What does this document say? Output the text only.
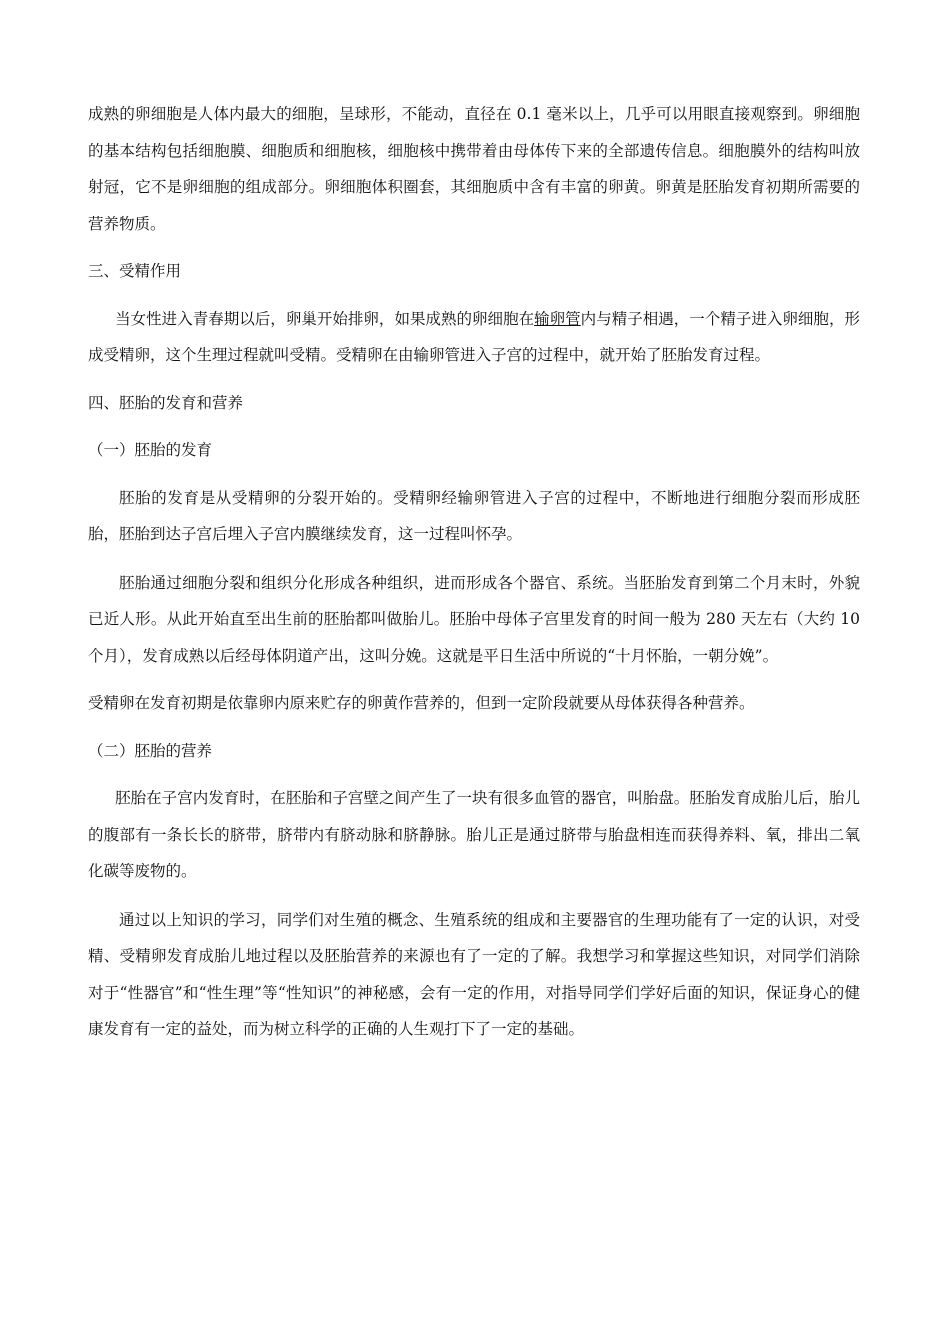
成熟的卵细胞是人体内最大的细胞，呈球形，不能动，直径在 0.1 毫米以上，几乎可以用眼直接观察到。卵细胞的基本结构包括细胞膜、细胞质和细胞核，细胞核中携带着由母体传下来的全部遗传信息。细胞膜外的结构叫放射冠，它不是卵细胞的组成部分。卵细胞体积圈套，其细胞质中含有丰富的卵黄。卵黄是胚胎发育初期所需要的营养物质。

三、受精作用

当女性进入青春期以后，卵巢开始排卵，如果成熟的卵细胞在输卵管内与精子相遇，一个精子进入卵细胞，形成受精卵，这个生理过程就叫受精。受精卵在由输卵管进入子宫的过程中，就开始了胚胎发育过程。

四、胚胎的发育和营养

（一）胚胎的发育

胚胎的发育是从受精卵的分裂开始的。受精卵经输卵管进入子宫的过程中，不断地进行细胞分裂而形成胚胎，胚胎到达子宫后埋入子宫内膜继续发育，这一过程叫怀孕。

胚胎通过细胞分裂和组织分化形成各种组织，进而形成各个器官、系统。当胚胎发育到第二个月末时，外貌已近人形。从此开始直至出生前的胚胎都叫做胎儿。胚胎中母体子宫里发育的时间一般为 280 天左右（大约 10 个月），发育成熟以后经母体阴道产出，这叫分娩。这就是平日生活中所说的“十月怀胎，一朝分娩”。

受精卵在发育初期是依靠卵内原来贮存的卵黄作营养的，但到一定阶段就要从母体获得各种营养。

（二）胚胎的营养

胚胎在子宫内发育时，在胚胎和子宫壁之间产生了一块有很多血管的器官，叫胎盘。胚胎发育成胎儿后，胎儿的腹部有一条长长的脐带，脐带内有脐动脉和脐静脉。胎儿正是通过脐带与胎盘相连而获得养料、氧，排出二氧化碳等废物的。

通过以上知识的学习，同学们对生殖的概念、生殖系统的组成和主要器官的生理功能有了一定的认识，对受精、受精卵发育成胎儿地过程以及胚胎营养的来源也有了一定的了解。我想学习和掌握这些知识，对同学们消除对于“性器官”和“性生理”等“性知识”的神秘感，会有一定的作用，对指导同学们学好后面的知识，保证身心的健康发育有一定的益处，而为树立科学的正确的人生观打下了一定的基础。
